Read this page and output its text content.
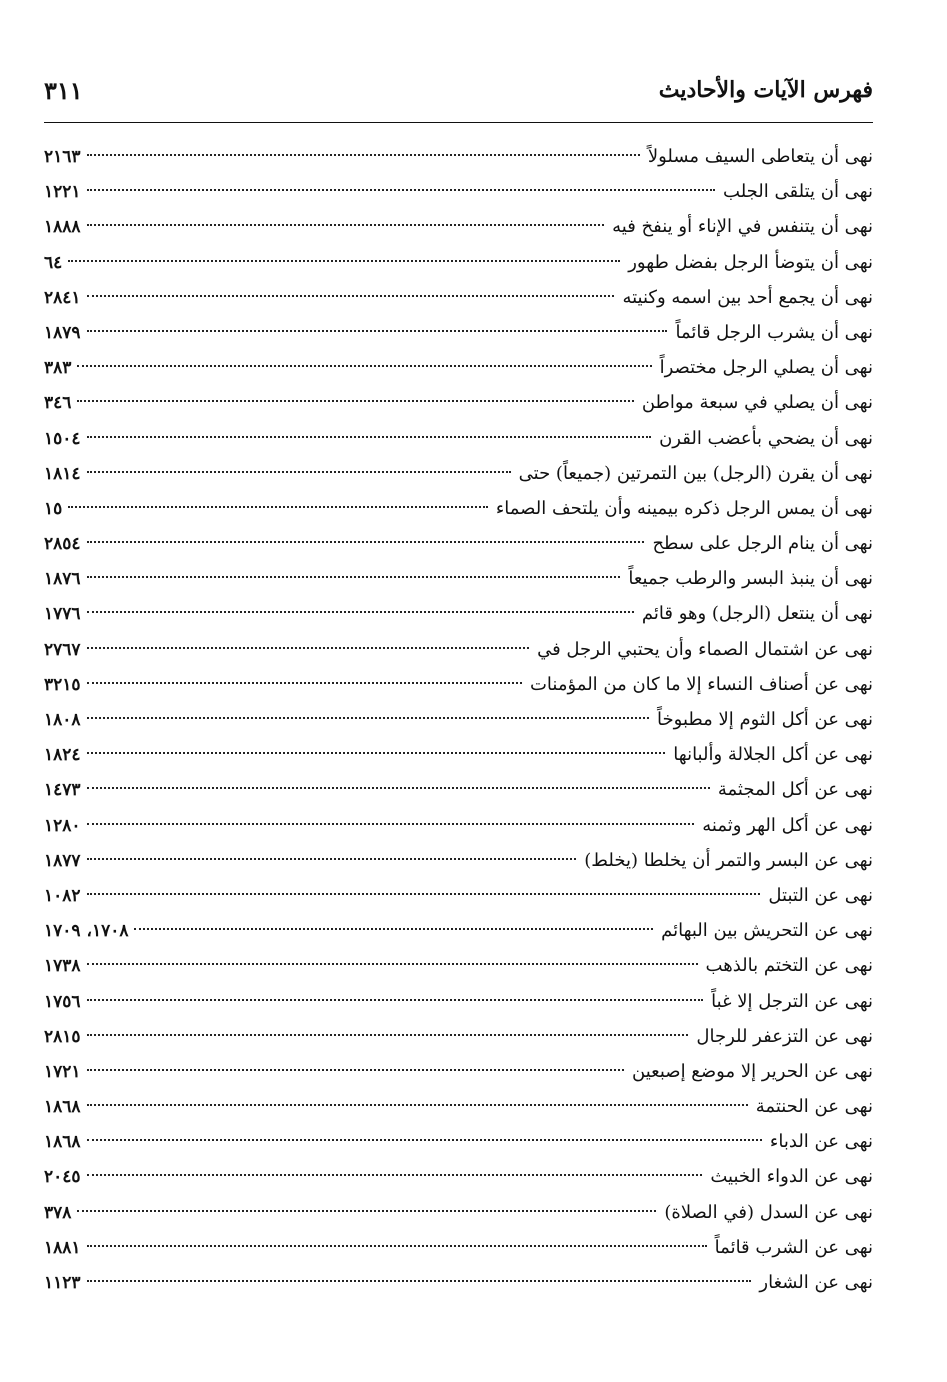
فهرس الآيات والأحاديث
٣١١
نهى أن يتعاطى السيف مسلولاً
٢١٦٣
نهى أن يتلقى الجلب
١٢٢١
نهى أن يتنفس في الإناء أو ينفخ فيه
١٨٨٨
نهى أن يتوضأ الرجل بفضل طهور
٦٤
نهى أن يجمع أحد بين اسمه وكنيته
٢٨٤١
نهى أن يشرب الرجل قائماً
١٨٧٩
نهى أن يصلي الرجل مختصراً
٣٨٣
نهى أن يصلي في سبعة مواطن
٣٤٦
نهى أن يضحي بأعضب القرن
١٥٠٤
نهى أن يقرن (الرجل) بين التمرتين (جميعاً) حتى
١٨١٤
نهى أن يمس الرجل ذكره بيمينه وأن يلتحف الصماء
١٥
نهى أن ينام الرجل على سطح
٢٨٥٤
نهى أن ينبذ البسر والرطب جميعاً
١٨٧٦
نهى أن ينتعل (الرجل) وهو قائم
١٧٧٦
نهى عن اشتمال الصماء وأن يحتبي الرجل في
٢٧٦٧
نهى عن أصناف النساء إلا ما كان من المؤمنات
٣٢١٥
نهى عن أكل الثوم إلا مطبوخاً
١٨٠٨
نهى عن أكل الجلالة وألبانها
١٨٢٤
نهى عن أكل المجثمة
١٤٧٣
نهى عن أكل الهر وثمنه
١٢٨٠
نهى عن البسر والتمر أن يخلطا (يخلط)
١٨٧٧
نهى عن التبتل
١٠٨٢
نهى عن التحريش بين البهائم
١٧٠٨، ١٧٠٩
نهى عن التختم بالذهب
١٧٣٨
نهى عن الترجل إلا غباً
١٧٥٦
نهى عن التزعفر للرجال
٢٨١٥
نهى عن الحرير إلا موضع إصبعين
١٧٢١
نهى عن الحنتمة
١٨٦٨
نهى عن الدباء
١٨٦٨
نهى عن الدواء الخبيث
٢٠٤٥
نهى عن السدل (في الصلاة)
٣٧٨
نهى عن الشرب قائماً
١٨٨١
نهى عن الشغار
١١٢٣
